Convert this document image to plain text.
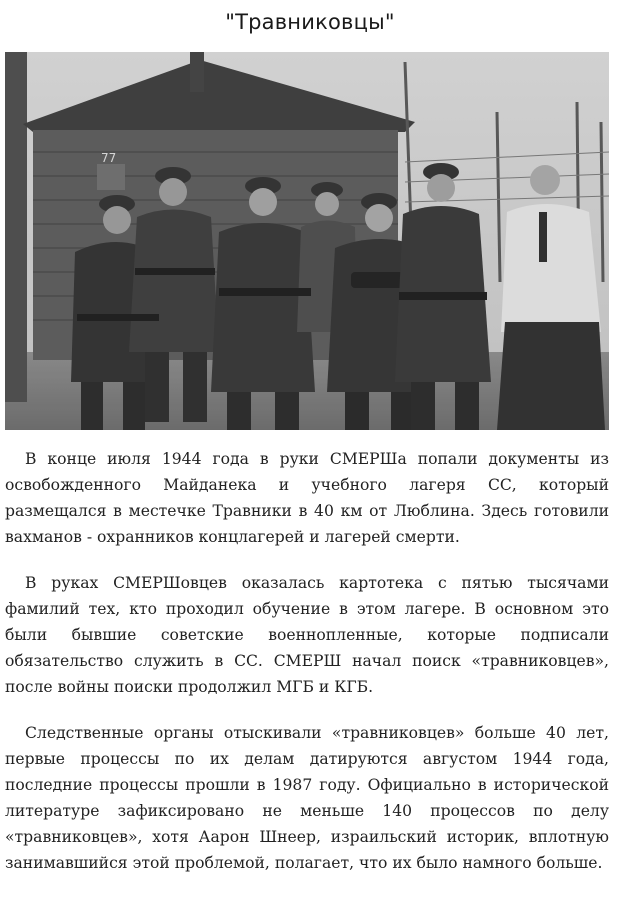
"Травниковцы"
77

В конце июля 1944 года в руки СМЕРШа попали документы из освобожденного Майданека и учебного лагеря СС, который размещался в местечке Травники в 40 км от Люблина. Здесь готовили вахманов - охранников концлагерей и лагерей смерти.

В руках СМЕРШовцев оказалась картотека с пятью тысячами фамилий тех, кто проходил обучение в этом лагере. В основном это были бывшие советские военнопленные, которые подписали обязательство служить в СС. СМЕРШ начал поиск «травниковцев», после войны поиски продолжил МГБ и КГБ.

Следственные органы отыскивали «травниковцев» больше 40 лет, первые процессы по их делам датируются августом 1944 года, последние процессы прошли в 1987 году. Официально в исторической литературе зафиксировано не меньше 140 процессов по делу «травниковцев», хотя Аарон Шнеер, израильский историк, вплотную занимавшийся этой проблемой, полагает, что их было намного больше.
